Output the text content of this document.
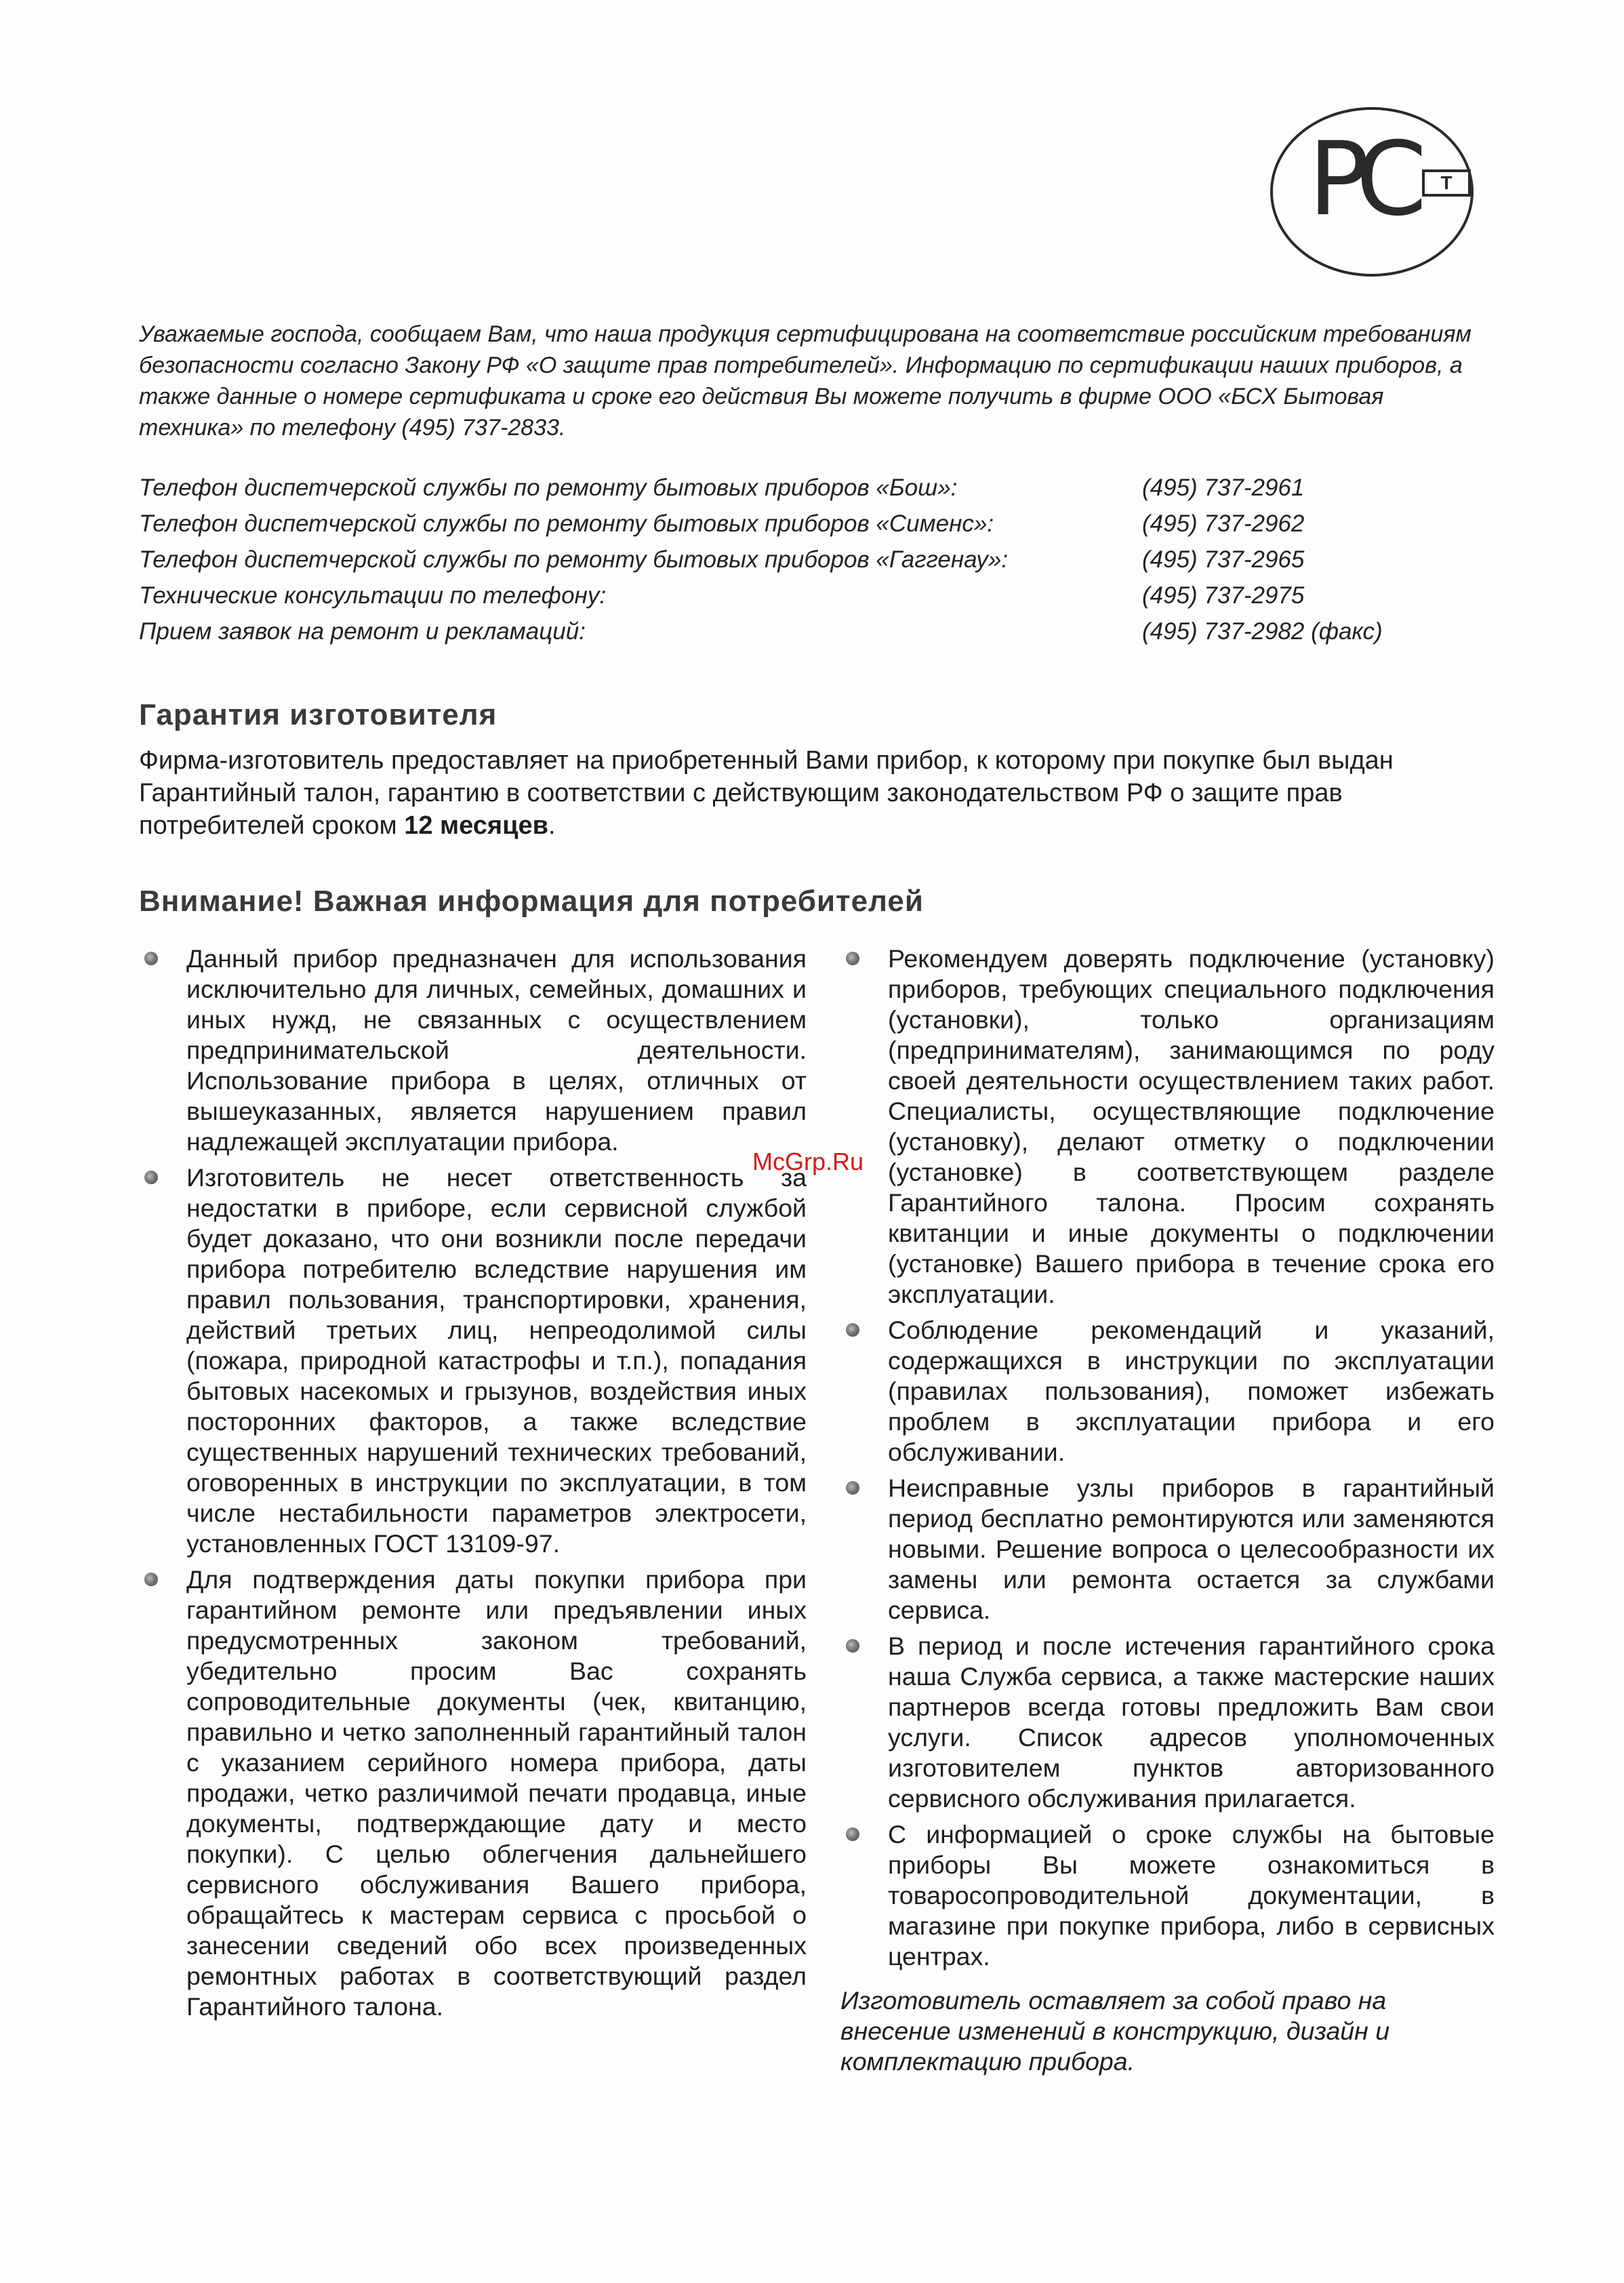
PC	T
Уважаемые господа, сообщаем Вам, что наша продукция сертифицирована на соответствие российским требованиям безопасности согласно Закону РФ «О защите прав потребителей». Информацию по сертификации наших приборов, а также данные о номере сертификата и сроке его действия Вы можете получить в фирме ООО «БСХ Бытовая техника» по телефону (495) 737-2833.
Телефон диспетчерской службы по ремонту бытовых приборов «Бош»:	(495) 737-2961
Телефон диспетчерской службы по ремонту бытовых приборов «Сименс»:	(495) 737-2962
Телефон диспетчерской службы по ремонту бытовых приборов «Гаггенау»:	(495) 737-2965
Технические консультации по телефону:	(495) 737-2975
Прием заявок на ремонт и рекламаций:	(495) 737-2982 (факс)
Гарантия изготовителя
Фирма-изготовитель предоставляет на приобретенный Вами прибор, к которому при покупке был выдан Гарантийный талон, гарантию в соответствии с действующим законодательством РФ о защите прав потребителей сроком 12 месяцев.
Внимание! Важная информация для потребителей

Данный прибор предназначен для использования исключительно для личных, семейных, домашних и иных нужд, не связанных с осуществлением предпринимательской деятельности. Использование прибора в целях, отличных от вышеуказанных, является нарушением правил надлежащей эксплуатации прибора.

Изготовитель не несет ответственность за недостатки в приборе, если сервисной службой будет доказано, что они возникли после передачи прибора потребителю вследствие нарушения им правил пользования, транспортировки, хранения, действий третьих лиц, непреодолимой силы (пожара, природной катастрофы и т.п.), попадания бытовых насекомых и грызунов, воздействия иных посторонних факторов, а также вследствие существенных нарушений технических требований, оговоренных в инструкции по эксплуатации, в том числе нестабильности параметров электросети, установленных ГОСТ 13109-97.

Для подтверждения даты покупки прибора при гарантийном ремонте или предъявлении иных предусмотренных законом требований, убедительно просим Вас сохранять сопроводительные документы (чек, квитанцию, правильно и четко заполненный гарантийный талон с указанием серийного номера прибора, даты продажи, четко различимой печати продавца, иные документы, подтверждающие дату и место покупки). С целью облегчения дальнейшего сервисного обслуживания Вашего прибора, обращайтесь к мастерам сервиса с просьбой о занесении сведений обо всех произведенных ремонтных работах в соответствующий раздел Гарантийного талона.

Рекомендуем доверять подключение (установку) приборов, требующих специального подключения (установки), только организациям (предпринимателям), занимающимся по роду своей деятельности осуществлением таких работ. Специалисты, осуществляющие подключение (установку), делают отметку о подключении (установке) в соответствующем разделе Гарантийного талона. Просим сохранять квитанции и иные документы о подключении (установке) Вашего прибора в течение срока его эксплуатации.

Соблюдение рекомендаций и указаний, содержащихся в инструкции по эксплуатации (правилах пользования), поможет избежать проблем в эксплуатации прибора и его обслуживании.

Неисправные узлы приборов в гарантийный период бесплатно ремонтируются или заменяются новыми. Решение вопроса о целесообразности их замены или ремонта остается за службами сервиса.

В период и после истечения гарантийного срока наша Служба сервиса, а также мастерские наших партнеров всегда готовы предложить Вам свои услуги. Список адресов уполномоченных изготовителем пунктов авторизованного сервисного обслуживания прилагается.

С информацией о сроке службы на бытовые приборы Вы можете ознакомиться в товаросопроводительной документации, в магазине при покупке прибора, либо в сервисных центрах.

Изготовитель оставляет за собой право на внесение изменений в конструкцию, дизайн и комплектацию прибора.

McGrp.Ru
